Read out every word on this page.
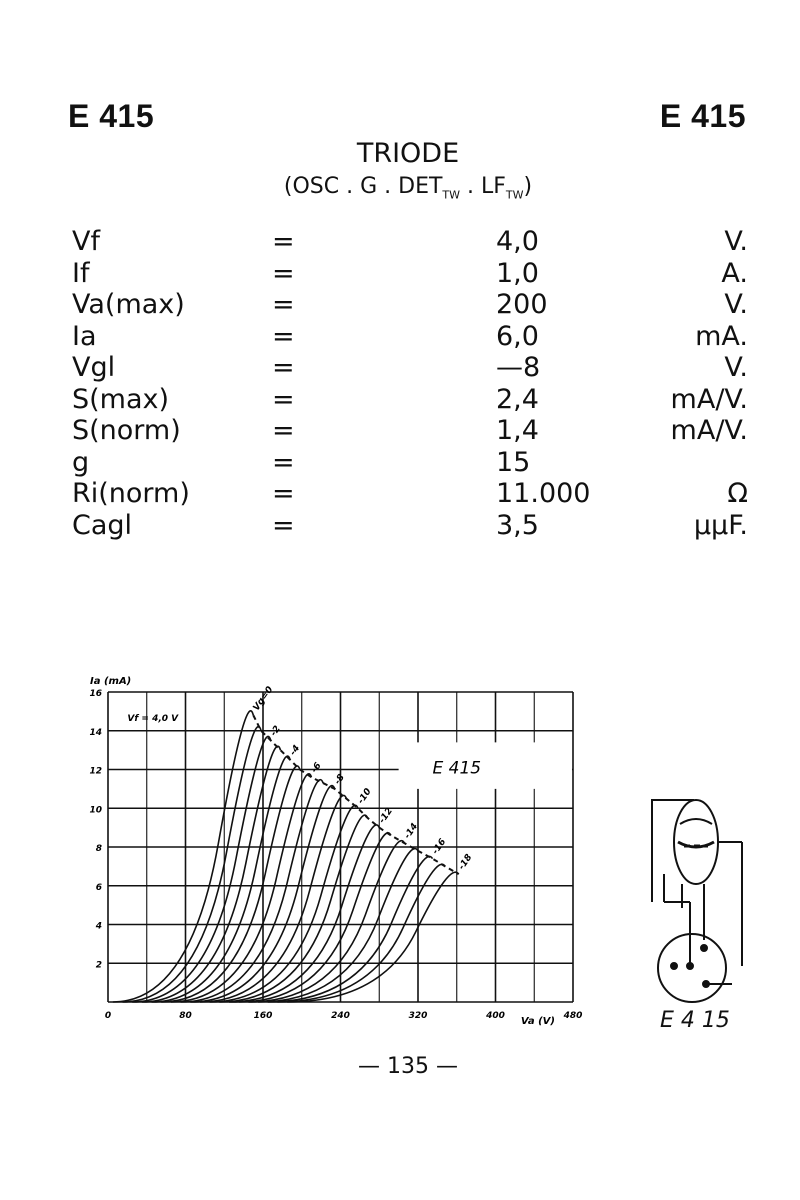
E 415	E 415
TRIODE
(OSC . G . $DET_{TW}$ . $LF_{TW}$)
Vf	=	4,0	V.
If	=	1,0	A.
Va(max)	=	200	V.
Ia	=	6,0	mA.
Vgl	=	—8	V.
S(max)	=	2,4	mA/V.
S(norm)	=	1,4	mA/V.
g	=	15
Ri(norm)	=	11.000	Ω
Cagl	=	3,5	μμF.
Vg=0
-2
-4
-6
-8
-10
-12
-14
-16
-18
2
4
6
8
10
12
14
16
0	80	160	240	320	400	480
Ia (mA)
Va (V)
E 415
Vf = 4,0 V
E 4 15
— 135 —
